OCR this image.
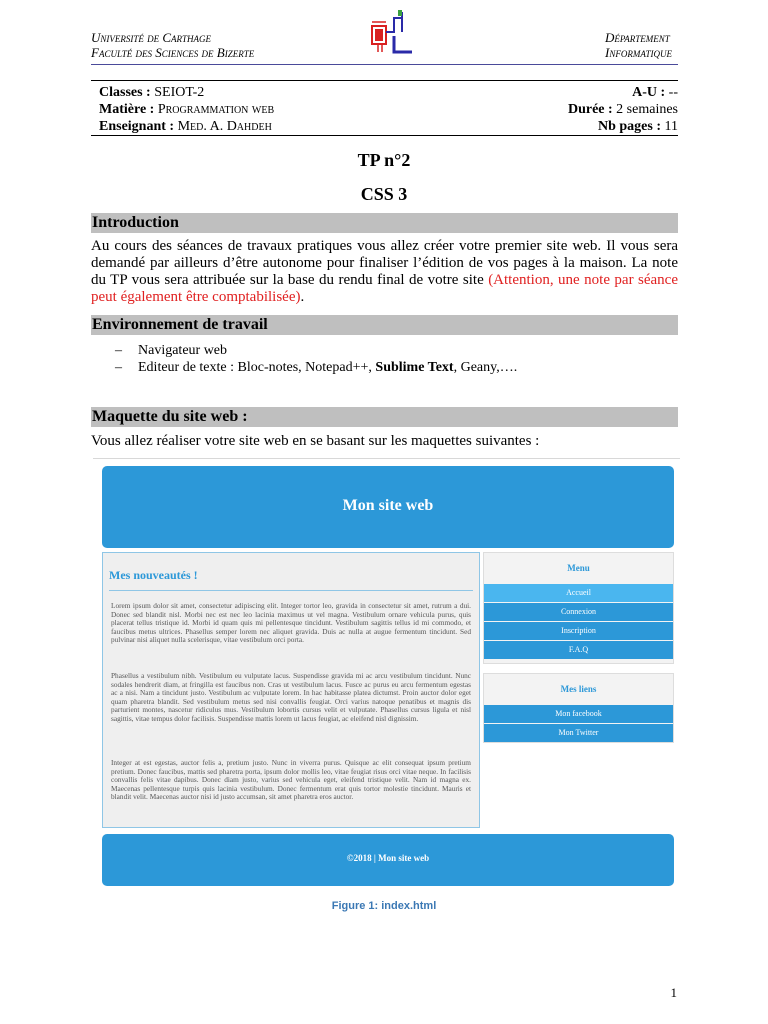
Université de Carthage
Faculté des Sciences de Bizerte
Département
Informatique
Classes : SEIOT-2	A-U : --
Matière : Programmation web	Durée : 2 semaines
Enseignant : Med. A. Dahdeh	Nb pages : 11
TP n°2
CSS 3
Introduction
Au cours des séances de travaux pratiques vous allez créer votre premier site web. Il vous sera demandé par ailleurs d’être autonome pour finaliser l’édition de vos pages à la maison. La note du TP vous sera attribuée sur la base du rendu final de votre site (Attention, une note par séance peut également être comptabilisée).
Environnement de travail
– Navigateur web
– Editeur de texte : Bloc-notes, Notepad++, Sublime Text, Geany,….
Maquette du site web :
Vous allez réaliser votre site web en se basant sur les maquettes suivantes :
Mon site web
Mes nouveautés !
Lorem ipsum dolor sit amet, consectetur adipiscing elit. Integer tortor leo, gravida in consectetur sit amet, rutrum a dui. Donec sed blandit nisl. Morbi nec est nec leo lacinia maximus ut vel magna. Vestibulum ornare vehicula purus, quis placerat tellus tristique id. Morbi id quam quis mi pellentesque tincidunt. Vestibulum sagittis tellus id mi commodo, et faucibus metus ultrices. Phasellus semper lorem nec aliquet gravida. Duis ac nulla at augue fermentum tincidunt. Sed pulvinar nisi aliquet nulla scelerisque, vitae vestibulum orci porta.
Phasellus a vestibulum nibh. Vestibulum eu vulputate lacus. Suspendisse gravida mi ac arcu vestibulum tincidunt. Nunc sodales hendrerit diam, at fringilla est faucibus non. Cras ut vestibulum lacus. Fusce ac purus eu arcu fermentum egestas ac a nisi. Nam a tincidunt justo. Vestibulum ac vulputate lorem. In hac habitasse platea dictumst. Proin auctor dolor eget quam pharetra blandit. Sed vestibulum metus sed nisi convallis feugiat. Orci varius natoque penatibus et magnis dis parturient montes, nascetur ridiculus mus. Vestibulum lobortis cursus velit et vulputate. Phasellus cursus ligula et nisl sagittis, vitae tempus dolor facilisis. Suspendisse mattis lorem ut lacus feugiat, ac eleifend nisl dignissim.
Integer at est egestas, auctor felis a, pretium justo. Nunc in viverra purus. Quisque ac elit consequat ipsum pretium pretium. Donec faucibus, mattis sed pharetra porta, ipsum dolor mollis leo, vitae feugiat risus orci vitae neque. In facilisis convallis felis vitae dapibus. Donec diam justo, varius sed vehicula eget, eleifend tristique velit. Nam id magna ex. Maecenas pellentesque turpis quis lacinia vestibulum. Donec fermentum erat quis tortor molestie tincidunt. Mauris et blandit velit. Maecenas auctor nisi id justo accumsan, sit amet pharetra eros auctor.
Menu
Accueil
Connexion
Inscription
F.A.Q
Mes liens
Mon facebook
Mon Twitter
©2018 | Mon site web
Figure 1: index.html
1
